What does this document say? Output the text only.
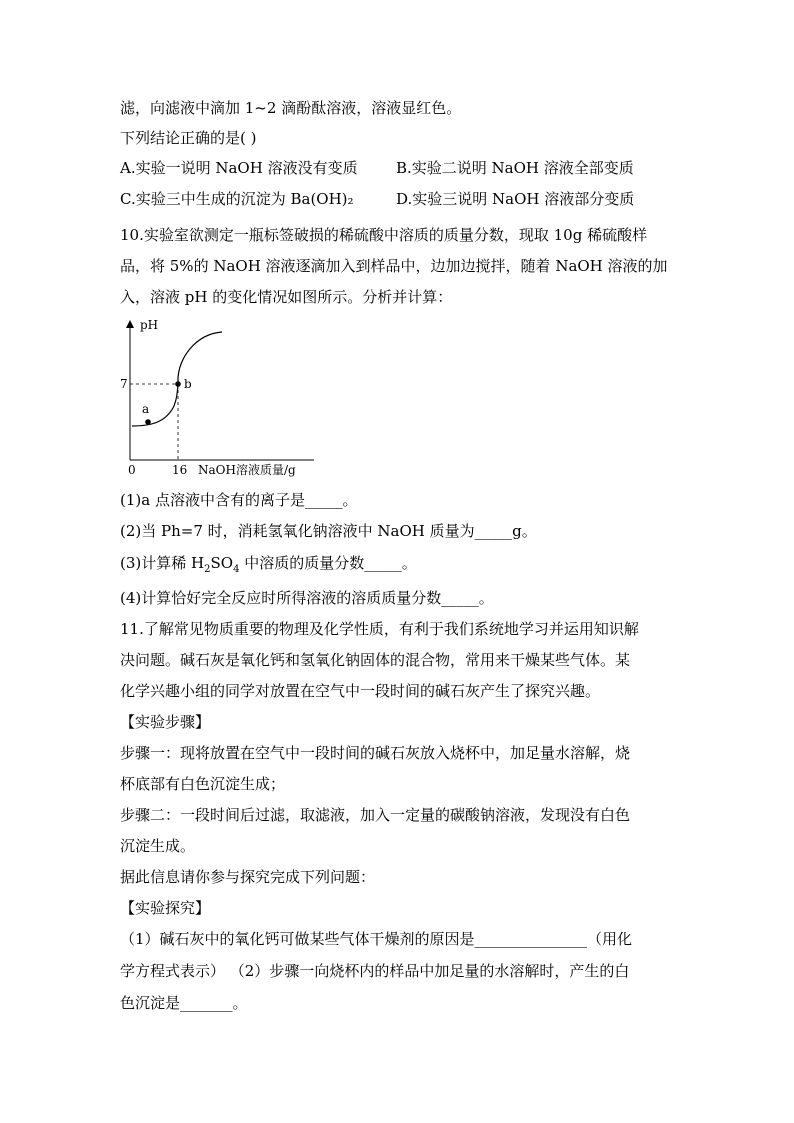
滤，向滤液中滴加 1~2 滴酚酞溶液，溶液显红色。
下列结论正确的是( )
A.实验一说明 NaOH 溶液没有变质	B.实验二说明 NaOH 溶液全部变质
C.实验三中生成的沉淀为 Ba(OH)₂	D.实验三说明 NaOH 溶液部分变质
10.实验室欲测定一瓶标签破损的稀硫酸中溶质的质量分数，现取 10g 稀硫酸样
品，将 5%的 NaOH 溶液逐滴加入到样品中，边加边搅拌，随着 NaOH 溶液的加
入，溶液 pH 的变化情况如图所示。分析并计算：
pH
7
a
b
0	16 NaOH溶液质量/g
(1)a 点溶液中含有的离子是_____。
(2)当 Ph=7 时，消耗氢氧化钠溶液中 NaOH 质量为_____g。
(3)计算稀 $H_2SO_4$ 中溶质的质量分数_____。
(4)计算恰好完全反应时所得溶液的溶质质量分数_____。
11.了解常见物质重要的物理及化学性质，有利于我们系统地学习并运用知识解
决问题。碱石灰是氧化钙和氢氧化钠固体的混合物，常用来干燥某些气体。某
化学兴趣小组的同学对放置在空气中一段时间的碱石灰产生了探究兴趣。
【实验步骤】
步骤一：现将放置在空气中一段时间的碱石灰放入烧杯中，加足量水溶解，烧
杯底部有白色沉淀生成；
步骤二：一段时间后过滤，取滤液，加入一定量的碳酸钠溶液，发现没有白色
沉淀生成。
据此信息请你参与探究完成下列问题：
【实验探究】
（1）碱石灰中的氧化钙可做某些气体干燥剂的原因是_______________（用化
学方程式表示） （2）步骤一向烧杯内的样品中加足量的水溶解时，产生的白
色沉淀是_______。
